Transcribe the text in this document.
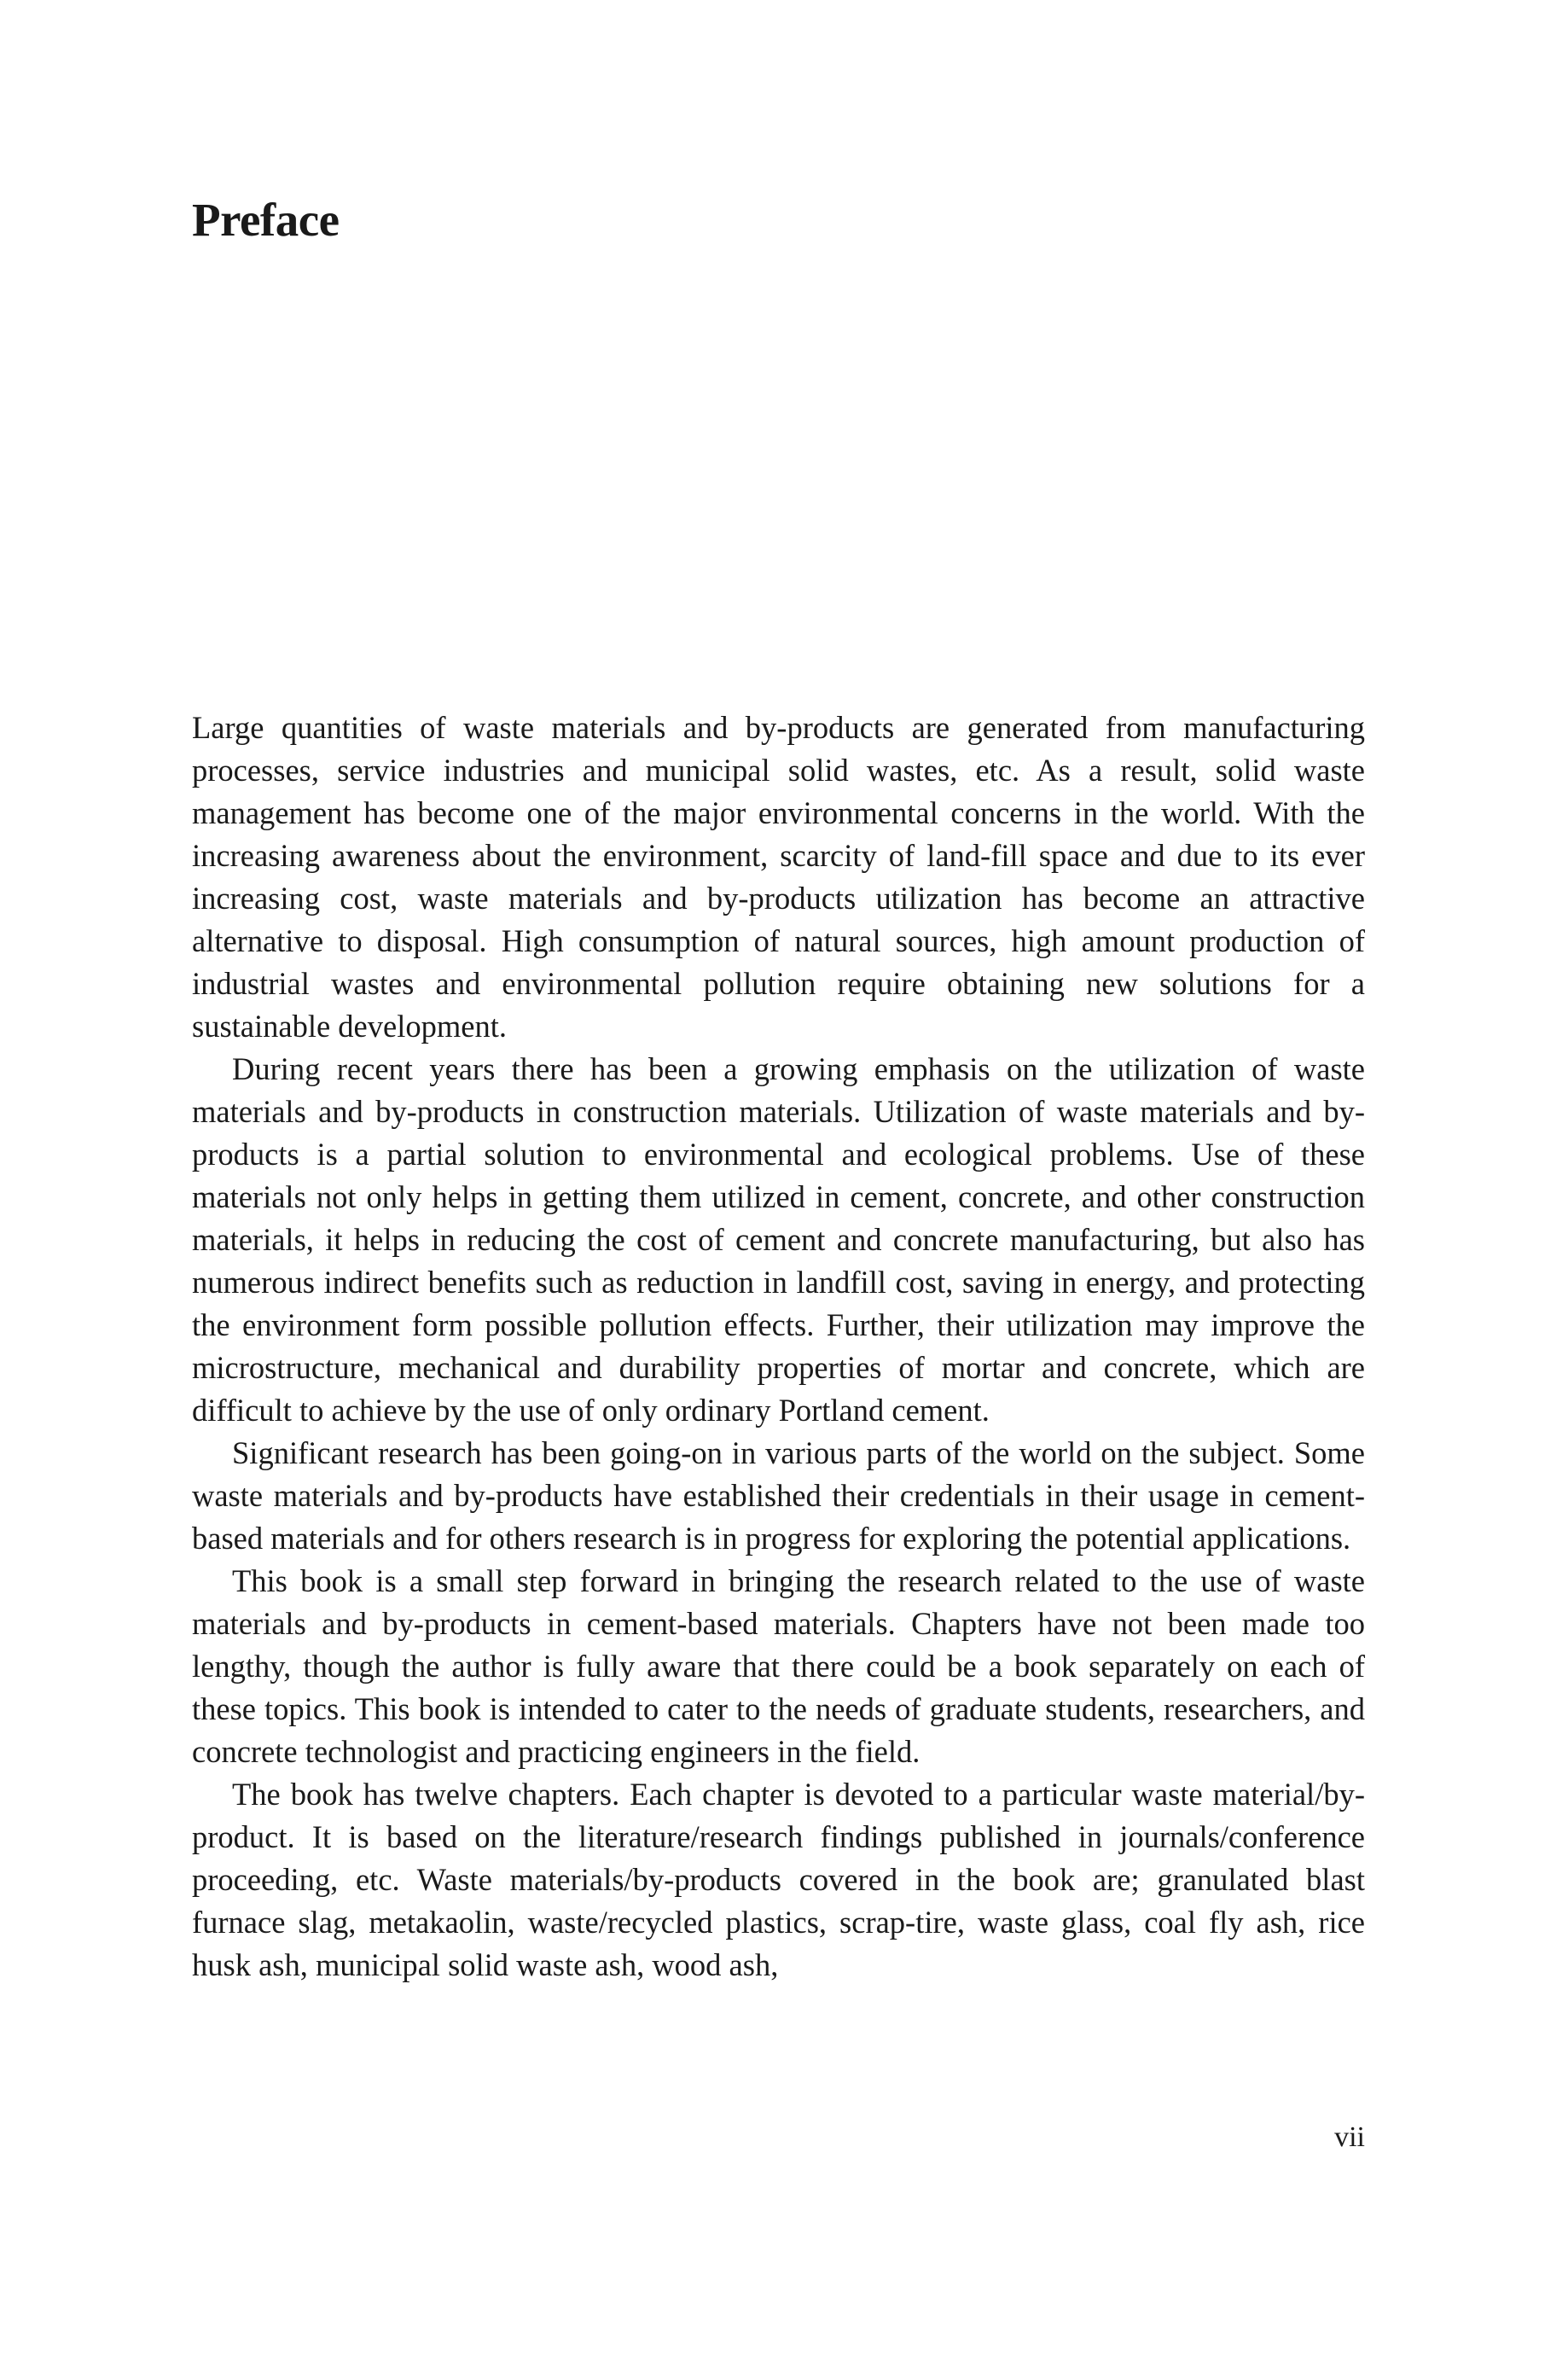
Preface

Large quantities of waste materials and by-products are generated from manufacturing processes, service industries and municipal solid wastes, etc. As a result, solid waste management has become one of the major environmental concerns in the world. With the increasing awareness about the environment, scarcity of land-fill space and due to its ever increasing cost, waste materials and by-products utilization has become an attractive alternative to disposal. High consumption of natural sources, high amount production of industrial wastes and environmental pollution require obtaining new solutions for a sustainable development.

During recent years there has been a growing emphasis on the utilization of waste materials and by-products in construction materials. Utilization of waste materials and by-products is a partial solution to environmental and ecological problems. Use of these materials not only helps in getting them utilized in cement, concrete, and other construction materials, it helps in reducing the cost of cement and concrete manufacturing, but also has numerous indirect benefits such as reduction in landfill cost, saving in energy, and protecting the environment form possible pollution effects. Further, their utilization may improve the microstructure, mechanical and durability properties of mortar and concrete, which are difficult to achieve by the use of only ordinary Portland cement.

Significant research has been going-on in various parts of the world on the subject. Some waste materials and by-products have established their credentials in their usage in cement-based materials and for others research is in progress for exploring the potential applications.

This book is a small step forward in bringing the research related to the use of waste materials and by-products in cement-based materials. Chapters have not been made too lengthy, though the author is fully aware that there could be a book separately on each of these topics. This book is intended to cater to the needs of graduate students, researchers, and concrete technologist and practicing engineers in the field.

The book has twelve chapters. Each chapter is devoted to a particular waste material/by-product. It is based on the literature/research findings published in journals/conference proceeding, etc. Waste materials/by-products covered in the book are; granulated blast furnace slag, metakaolin, waste/recycled plastics, scrap-tire, waste glass, coal fly ash, rice husk ash, municipal solid waste ash, wood ash,

vii
